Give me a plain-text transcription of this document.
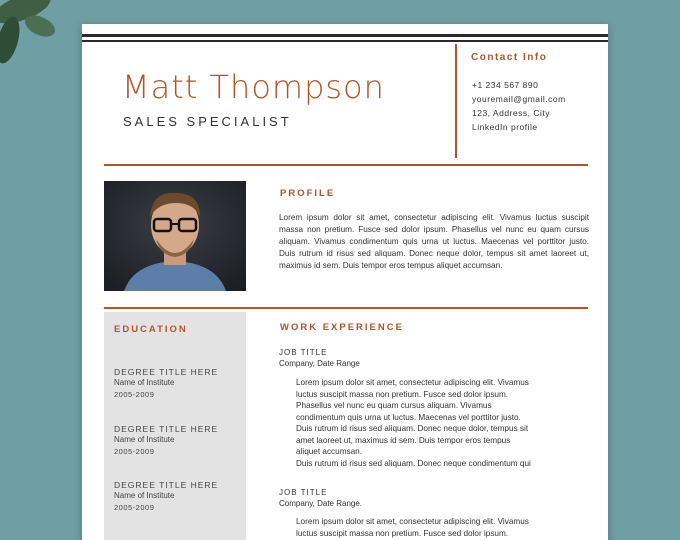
Matt Thompson
SALES SPECIALIST
Contact Info
+1 234 567 890
youremail@gmail.com
123, Address, City
LinkedIn profile
PROFILE
Lorem ipsum dolor sit amet, consectetur adipiscing elit. Vivamus luctus suscipit massa non pretium. Fusce sed dolor ipsum. Phasellus vel nunc eu quam cursus aliquam. Vivamus condimentum quis urna ut luctus. Maecenas vel porttitor justo. Duis rutrum id risus sed aliquam. Donec neque dolor, tempus sit amet laoreet ut, maximus id sem. Duis tempor eros tempus aliquet accumsan.
EDUCATION
DEGREE TITLE HERE
Name of Institute
2005-2009
DEGREE TITLE HERE
Name of Institute
2005-2009
DEGREE TITLE HERE
Name of Institute
2005-2009
WORK EXPERIENCE
JOB TITLE
Company, Date Range
• Lorem ipsum dolor sit amet, consectetur adipiscing elit. Vivamus
luctus suscipit massa non pretium. Fusce sed dolor ipsum.
• Phasellus vel nunc eu quam cursus aliquam. Vivamus
• condimentum quis urna ut luctus. Maecenas vel porttitor justo.
Duis rutrum id risus sed aliquam. Donec neque dolor, tempus sit
• amet laoreet ut, maximus id sem. Duis tempor eros tempus
aliquet accumsan.
• Duis rutrum id risus sed aliquam. Donec neque condimentum qui
JOB TITLE
Company, Date Range.
• Lorem ipsum dolor sit amet, consectetur adipiscing elit. Vivamus
luctus suscipit massa non pretium. Fusce sed dolor ipsum.
